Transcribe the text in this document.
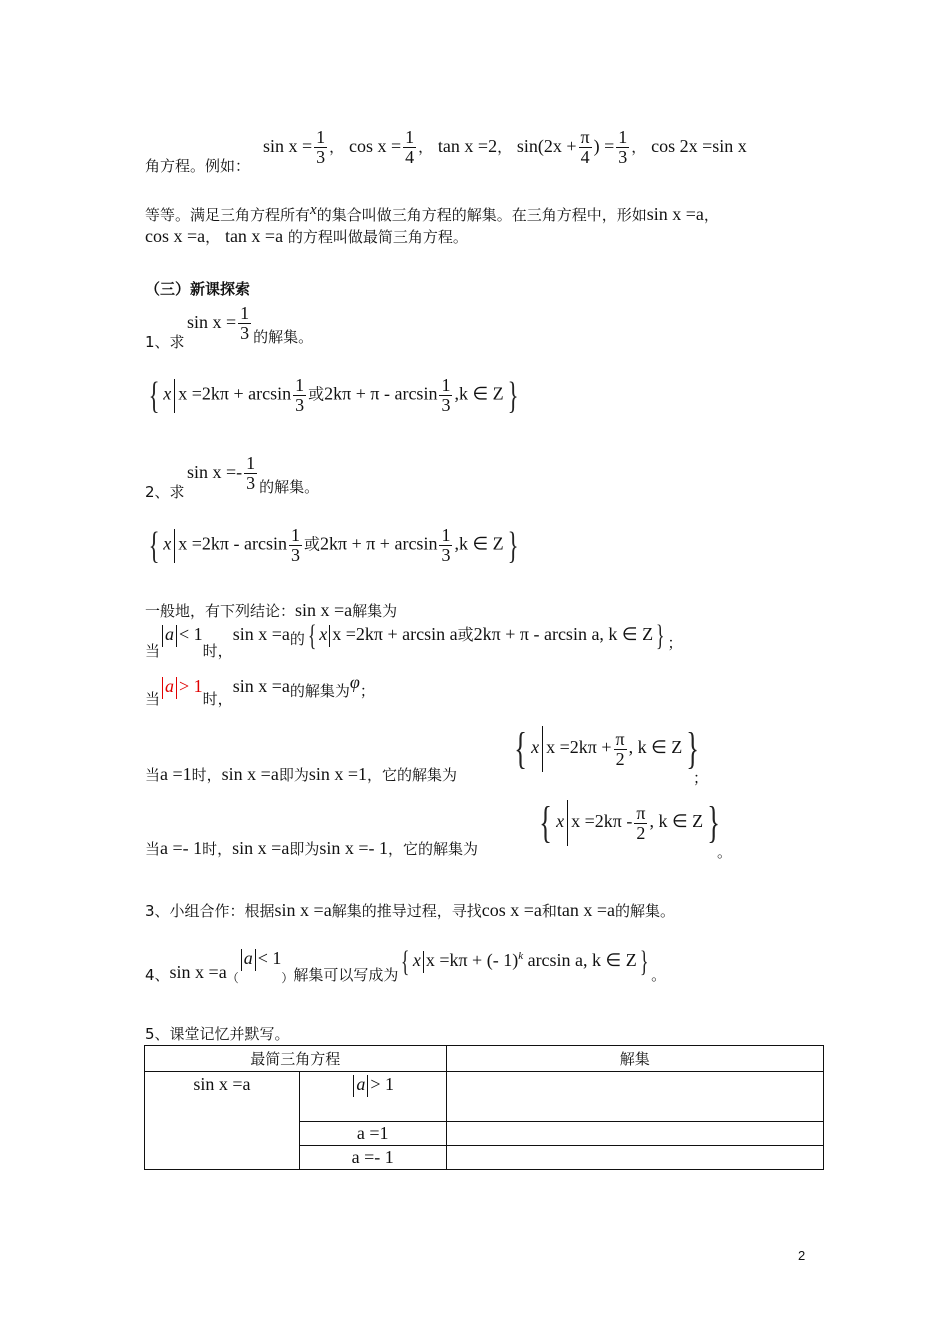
角方程。例如：
$\sin x = \frac{1}{3}$ ， $\cos x = \frac{1}{4}$ ， tan x =2， $\sin(2x + \frac{\pi}{4}$ ) = $\frac{1}{3}$ ， cos 2x =sin x
等等。满足三角方程所有x的集合叫做三角方程的解集。在三角方程中，形如sin x =a，
cos x =a， tan x =a 的方程叫做最简三角方程。
（三）新课探索
1、求
$\sin x = \frac{1}{3}$ 的解集。
{ x $x =2k\pi + \arcsin \frac{1}{3}$ 或$2k\pi + \pi - \arcsin \frac{1}{3} ,k$ ∈ Z}
2、求
$\sin x =- \frac{1}{3}$ 的解集。
{ x $x =2k\pi - \arcsin \frac{1}{3}$ 或$2k\pi + \pi + \arcsin \frac{1}{3} ,k$ ∈ Z}
一般地，有下列结论：sin x =a解集为
当a < 1时，sin x =a的{ x x =2kπ + arcsin a或2kπ + π - arcsin a, k ∈ Z} ；
当a > 1时，sin x =a的解集为φ；
当a =1时，sin x =a即为sin x =1，它的解集为
{ x $x =2k\pi + \frac{\pi}{2}$ , k ∈ Z}
；
当a =- 1时，sin x =a即为sin x =- 1，它的解集为
{ x $x =2k\pi - \frac{\pi}{2}$ , k ∈ Z}
。
3、小组合作：根据sin x =a解集的推导过程，寻找cos x =a和tan x =a的解集。
4、$\sin x =a_(a < 1_)$解集可以写成为{ x x =kπ + (- 1)$^k$ arcsin a, k ∈ Z} 。
5、课堂记忆并默写。
最简三角方程		解集
sin x =a	a > 1	
	a =1	
	a =- 1	
2
